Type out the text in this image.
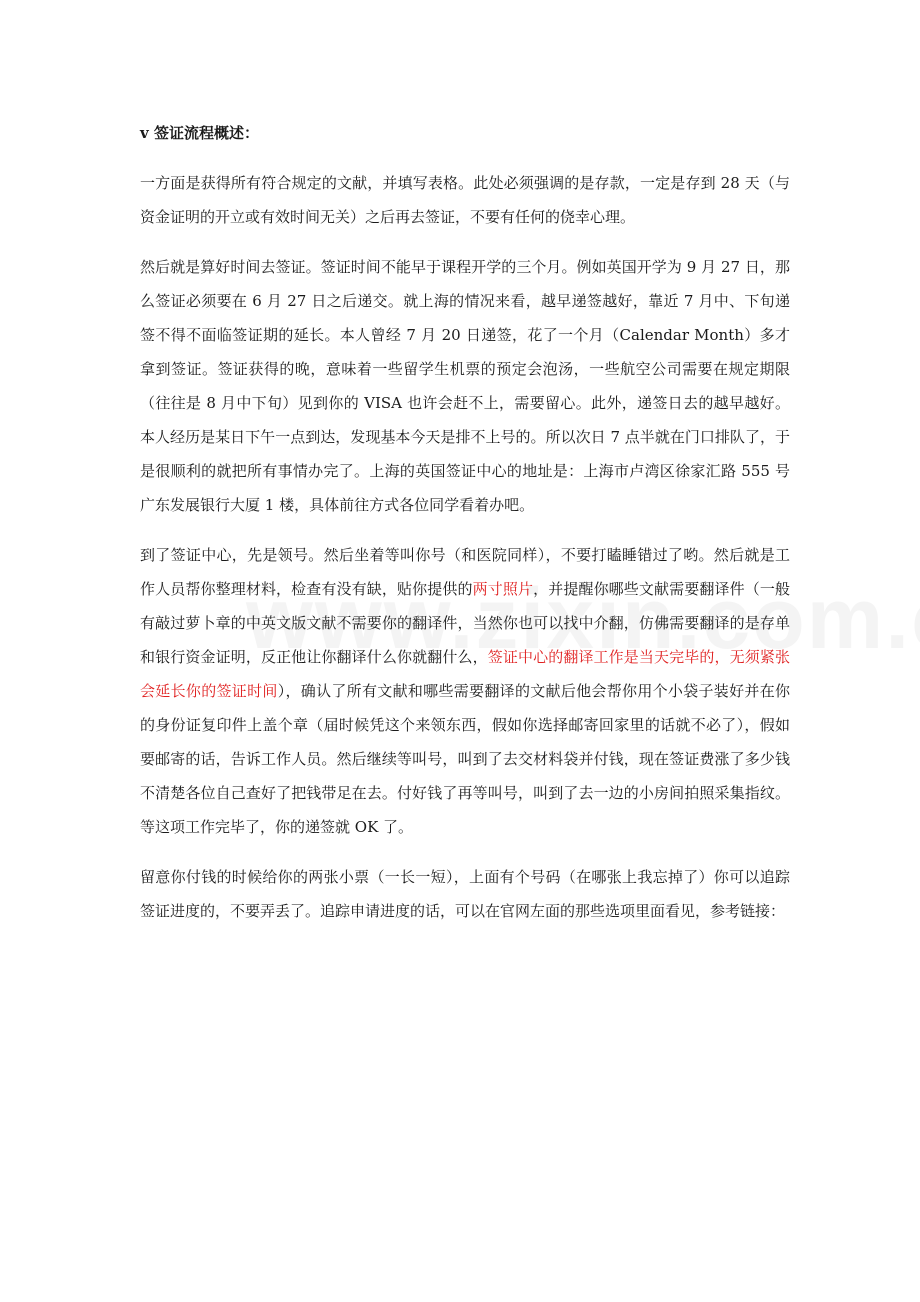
v 签证流程概述：

一方面是获得所有符合规定的文献，并填写表格。此处必须强调的是存款，一定是存到 28 天（与资金证明的开立或有效时间无关）之后再去签证，不要有任何的侥幸心理。

然后就是算好时间去签证。签证时间不能早于课程开学的三个月。例如英国开学为 9 月 27 日，那么签证必须要在 6 月 27 日之后递交。就上海的情况来看，越早递签越好，靠近 7 月中、下旬递签不得不面临签证期的延长。本人曾经 7 月 20 日递签，花了一个月（Calendar Month）多才拿到签证。签证获得的晚，意味着一些留学生机票的预定会泡汤，一些航空公司需要在规定期限（往往是 8 月中下旬）见到你的 VISA 也许会赶不上，需要留心。此外，递签日去的越早越好。本人经历是某日下午一点到达，发现基本今天是排不上号的。所以次日 7 点半就在门口排队了，于是很顺利的就把所有事情办完了。上海的英国签证中心的地址是：上海市卢湾区徐家汇路 555 号广东发展银行大厦 1 楼，具体前往方式各位同学看着办吧。

到了签证中心，先是领号。然后坐着等叫你号（和医院同样），不要打瞌睡错过了哟。然后就是工作人员帮你整理材料，检查有没有缺，贴你提供的两寸照片，并提醒你哪些文献需要翻译件（一般有敲过萝卜章的中英文版文献不需要你的翻译件，当然你也可以找中介翻，仿佛需要翻译的是存单和银行资金证明，反正他让你翻译什么你就翻什么，签证中心的翻译工作是当天完毕的，无须紧张会延长你的签证时间），确认了所有文献和哪些需要翻译的文献后他会帮你用个小袋子装好并在你的身份证复印件上盖个章（届时候凭这个来领东西，假如你选择邮寄回家里的话就不必了），假如要邮寄的话，告诉工作人员。然后继续等叫号，叫到了去交材料袋并付钱，现在签证费涨了多少钱不清楚各位自己查好了把钱带足在去。付好钱了再等叫号，叫到了去一边的小房间拍照采集指纹。等这项工作完毕了，你的递签就 OK 了。

留意你付钱的时候给你的两张小票（一长一短），上面有个号码（在哪张上我忘掉了）你可以追踪签证进度的，不要弄丢了。追踪申请进度的话，可以在官网左面的那些选项里面看见，参考链接：
